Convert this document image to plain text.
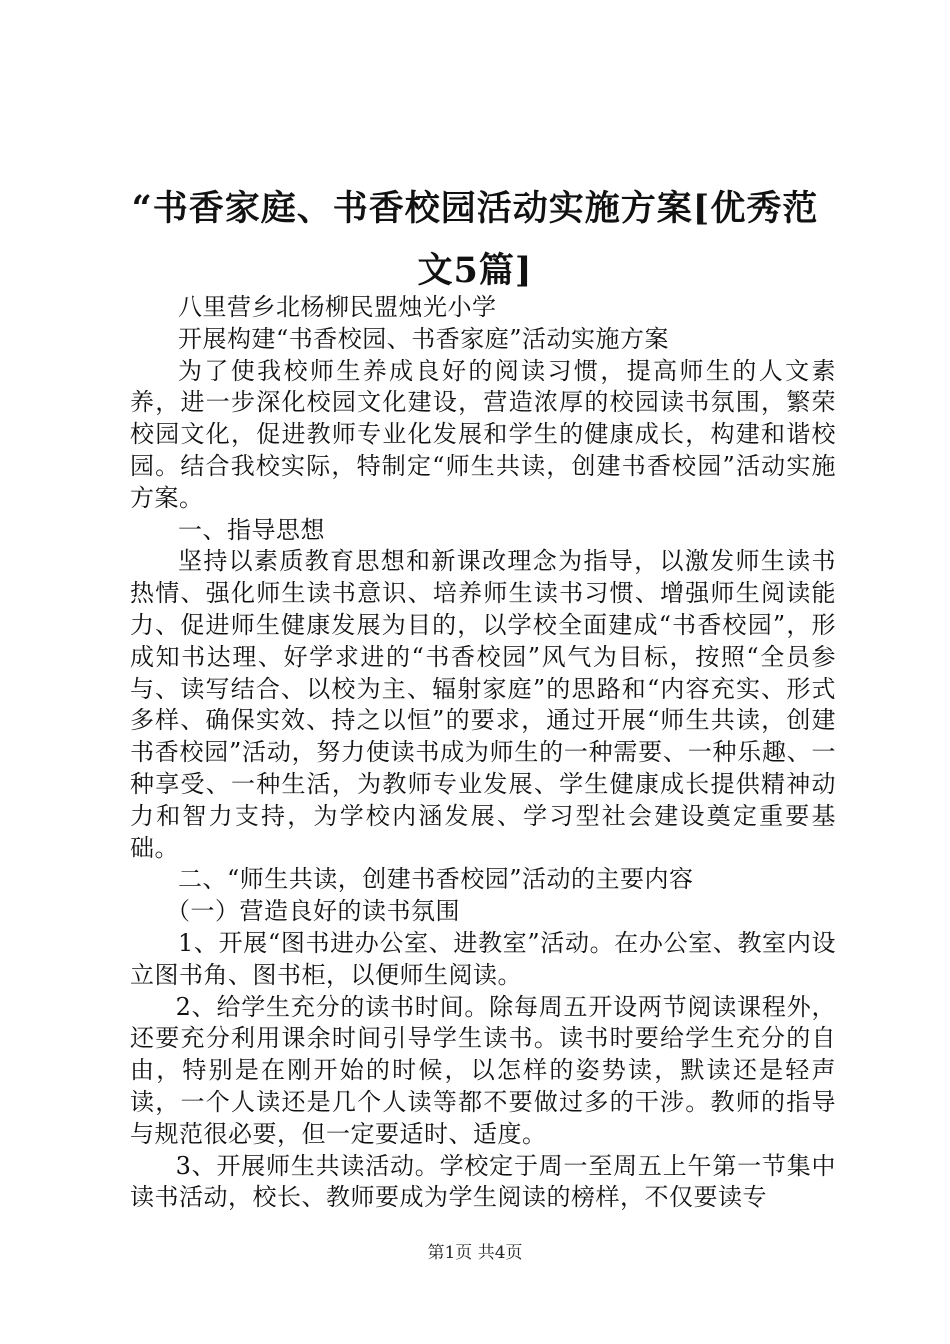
“书香家庭、书香校园活动实施方案[优秀范文5篇]

八里营乡北杨柳民盟烛光小学

开展构建“书香校园、书香家庭”活动实施方案

为了使我校师生养成良好的阅读习惯，提高师生的人文素养，进一步深化校园文化建设，营造浓厚的校园读书氛围，繁荣校园文化，促进教师专业化发展和学生的健康成长，构建和谐校园。结合我校实际，特制定“师生共读，创建书香校园”活动实施方案。

一、指导思想

坚持以素质教育思想和新课改理念为指导，以激发师生读书热情、强化师生读书意识、培养师生读书习惯、增强师生阅读能力、促进师生健康发展为目的，以学校全面建成“书香校园”，形成知书达理、好学求进的“书香校园”风气为目标，按照“全员参与、读写结合、以校为主、辐射家庭”的思路和“内容充实、形式多样、确保实效、持之以恒”的要求，通过开展“师生共读，创建书香校园”活动，努力使读书成为师生的一种需要、一种乐趣、一种享受、一种生活，为教师专业发展、学生健康成长提供精神动力和智力支持，为学校内涵发展、学习型社会建设奠定重要基础。

二、“师生共读，创建书香校园”活动的主要内容

（一）营造良好的读书氛围

1、开展“图书进办公室、进教室”活动。在办公室、教室内设立图书角、图书柜，以便师生阅读。

2、给学生充分的读书时间。除每周五开设两节阅读课程外，还要充分利用课余时间引导学生读书。读书时要给学生充分的自由，特别是在刚开始的时候，以怎样的姿势读，默读还是轻声读，一个人读还是几个人读等都不要做过多的干涉。教师的指导与规范很必要，但一定要适时、适度。

3、开展师生共读活动。学校定于周一至周五上午第一节集中读书活动，校长、教师要成为学生阅读的榜样，不仅要读专

第1页 共4页
